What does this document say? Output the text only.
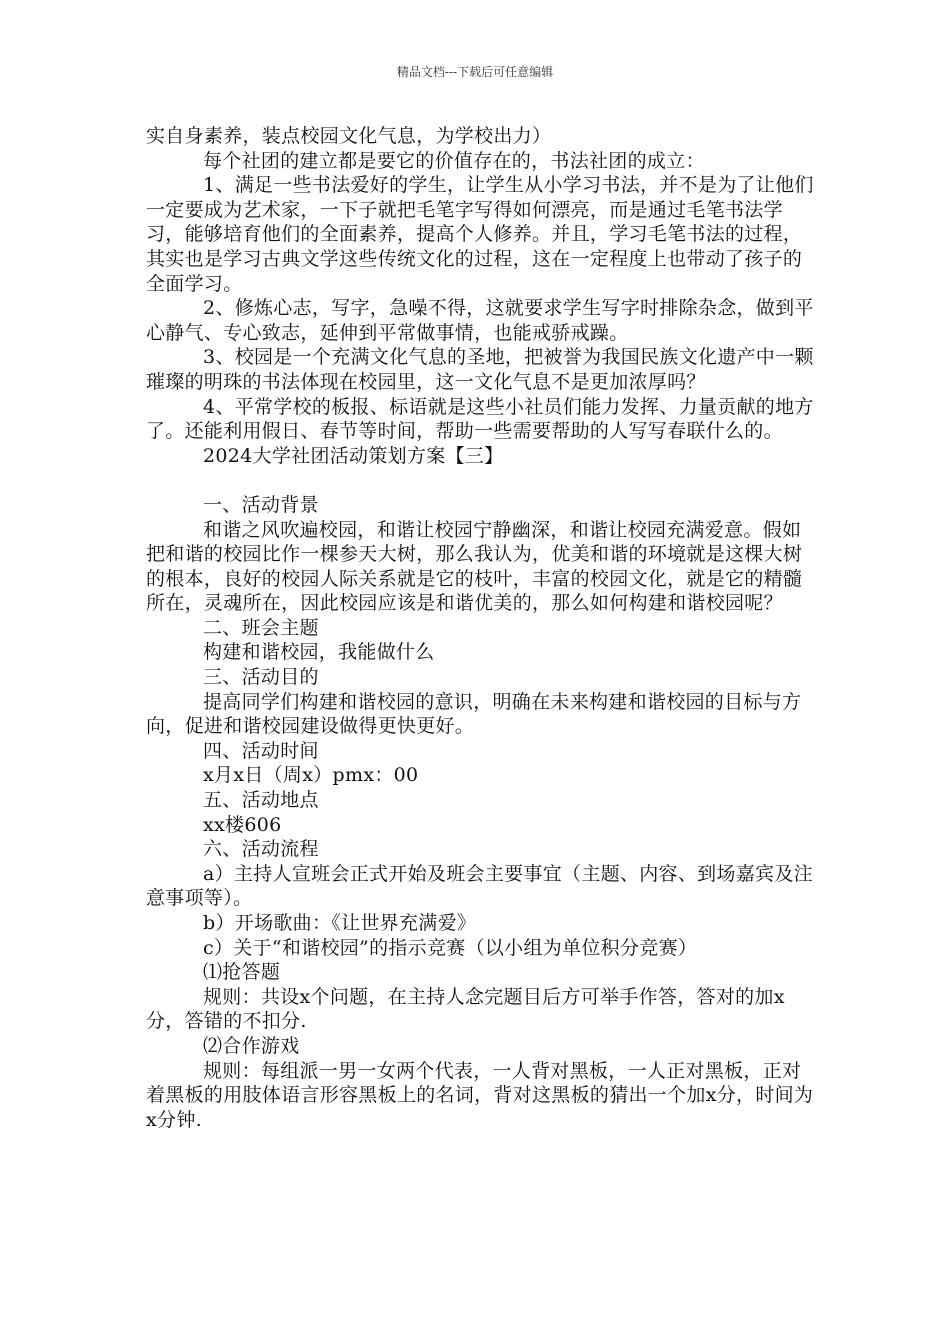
精品文档---下载后可任意编辑

实自身素养，装点校园文化气息，为学校出力）

每个社团的建立都是要它的价值存在的，书法社团的成立：

1、满足一些书法爱好的学生，让学生从小学习书法，并不是为了让他们一定要成为艺术家，一下子就把毛笔字写得如何漂亮，而是通过毛笔书法学习，能够培育他们的全面素养，提高个人修养。并且，学习毛笔书法的过程，其实也是学习古典文学这些传统文化的过程，这在一定程度上也带动了孩子的全面学习。

2、修炼心志，写字，急噪不得，这就要求学生写字时排除杂念，做到平心静气、专心致志，延伸到平常做事情，也能戒骄戒躁。

3、校园是一个充满文化气息的圣地，把被誉为我国民族文化遗产中一颗璀璨的明珠的书法体现在校园里，这一文化气息不是更加浓厚吗？

4、平常学校的板报、标语就是这些小社员们能力发挥、力量贡献的地方了。还能利用假日、春节等时间，帮助一些需要帮助的人写写春联什么的。

2024大学社团活动策划方案【三】

一、活动背景

和谐之风吹遍校园，和谐让校园宁静幽深，和谐让校园充满爱意。假如把和谐的校园比作一棵参天大树，那么我认为，优美和谐的环境就是这棵大树的根本，良好的校园人际关系就是它的枝叶，丰富的校园文化，就是它的精髓所在，灵魂所在，因此校园应该是和谐优美的，那么如何构建和谐校园呢？

二、班会主题

构建和谐校园，我能做什么

三、活动目的

提高同学们构建和谐校园的意识，明确在未来构建和谐校园的目标与方向，促进和谐校园建设做得更快更好。

四、活动时间

x月x日（周x）pmx：00

五、活动地点

xx楼606

六、活动流程

a）主持人宣班会正式开始及班会主要事宜（主题、内容、到场嘉宾及注意事项等）。

b）开场歌曲：《让世界充满爱》

c）关于“和谐校园”的指示竞赛（以小组为单位积分竞赛）

⑴抢答题

规则：共设x个问题，在主持人念完题目后方可举手作答，答对的加x分，答错的不扣分.

⑵合作游戏

规则：每组派一男一女两个代表，一人背对黑板，一人正对黑板，正对着黑板的用肢体语言形容黑板上的名词，背对这黑板的猜出一个加x分，时间为x分钟.
